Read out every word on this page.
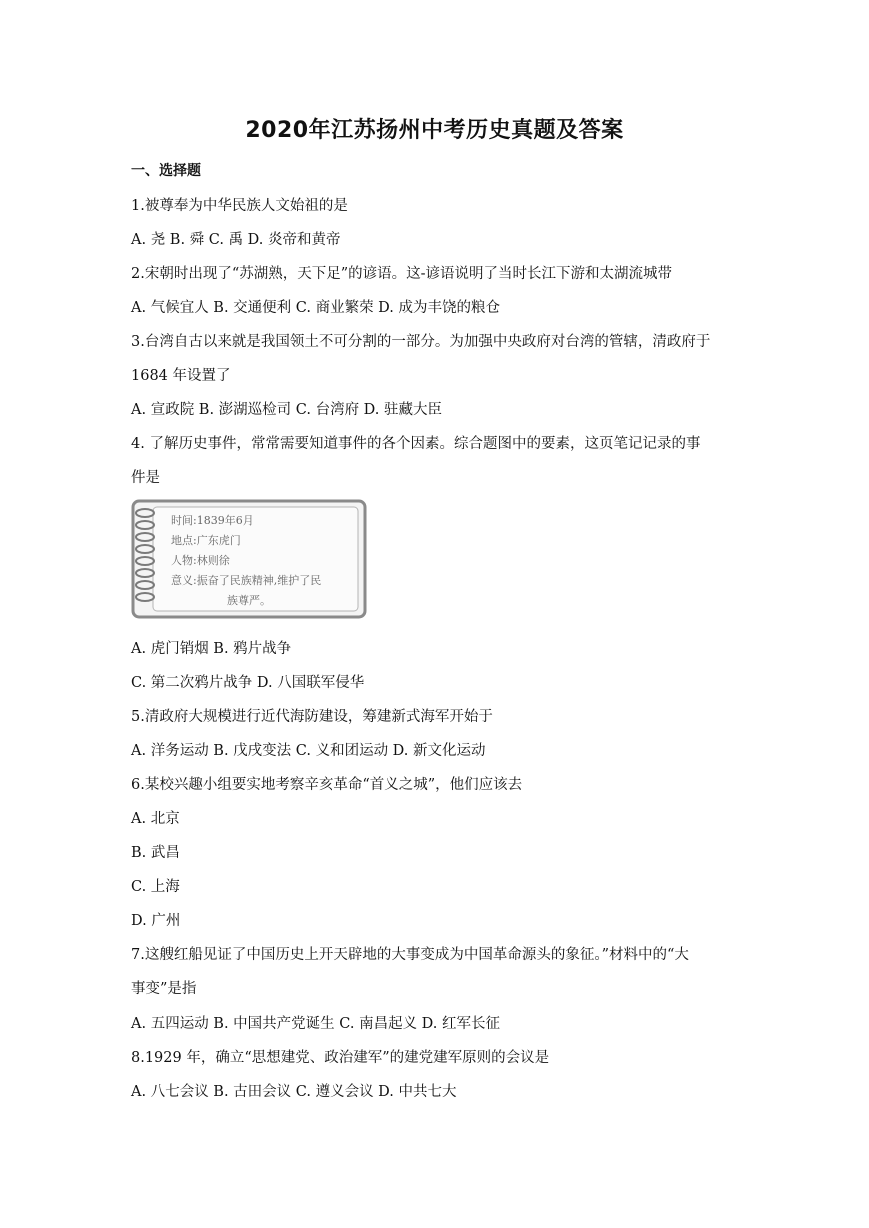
2020年江苏扬州中考历史真题及答案
一、选择题
1.被尊奉为中华民族人文始祖的是
A. 尧 B. 舜 C. 禹 D. 炎帝和黄帝
2.宋朝时出现了“苏湖熟，天下足”的谚语。这-谚语说明了当时长江下游和太湖流城带
A. 气候宜人 B. 交通便利 C. 商业繁荣 D. 成为丰饶的粮仓
3.台湾自古以来就是我国领土不可分割的一部分。为加强中央政府对台湾的管辖，清政府于
1684 年设置了
A. 宣政院 B. 澎湖巡检司 C. 台湾府 D. 驻藏大臣
4. 了解历史事件，常常需要知道事件的各个因素。综合题图中的要素，这页笔记记录的事
件是
时间:1839年6月
地点:广东虎门
人物:林则徐
意义:振奋了民族精神,维护了民
族尊严。
A. 虎门销烟 B. 鸦片战争
C. 第二次鸦片战争 D. 八国联军侵华
5.清政府大规模进行近代海防建设，筹建新式海军开始于
A. 洋务运动 B. 戊戌变法 C. 义和团运动 D. 新文化运动
6.某校兴趣小组要实地考察辛亥革命“首义之城”，他们应该去
A. 北京
B. 武昌
C. 上海
D. 广州
7.这艘红船见证了中国历史上开天辟地的大事变成为中国革命源头的象征。”材料中的“大
事变”是指
A. 五四运动 B. 中国共产党诞生 C. 南昌起义 D. 红军长征
8.1929 年，确立“思想建党、政治建军”的建党建军原则的会议是
A. 八七会议 B. 古田会议 C. 遵义会议 D. 中共七大
